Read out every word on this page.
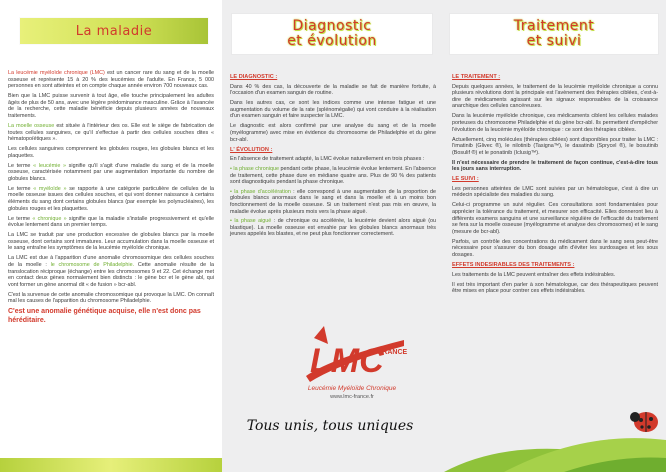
La maladie

La leucémie myéloïde chronique (LMC) est un cancer rare du sang et de la moelle osseuse et représente 15 à 20 % des leucémies de l'adulte. En France, 5 000 personnes en sont atteintes et on compte chaque année environ 700 nouveaux cas.

Bien que la LMC puisse survenir à tout âge, elle touche principalement les adultes âgés de plus de 50 ans, avec une légère prédominance masculine. Grâce à l'avancée de la recherche, cette maladie bénéficie depuis plusieurs années de nouveaux traitements.

La moelle osseuse est située à l'intérieur des os. Elle est le siège de fabrication de toutes cellules sanguines, ce qu'il s'effectue à partir des cellules souches dites « hématopoïétiques ».

Les cellules sanguines comprennent les globules rouges, les globules blancs et les plaquettes.

Le terme « leucémie » signifie qu'il s'agit d'une maladie du sang et de la moelle osseuse, caractérisée notamment par une augmentation importante du nombre de globules blancs.

Le terme « myéloïde » se rapporte à une catégorie particulière de cellules de la moelle osseuse issues des cellules souches, et qui vont donner naissance à certains éléments du sang dont certains globules blancs (par exemple les polynucléaires), les globules rouges et les plaquettes.

Le terme « chronique » signifie que la maladie s'installe progressivement et qu'elle évolue lentement dans un premier temps.

La LMC se traduit par une production excessive de globules blancs par la moelle osseuse, dont certains sont immatures. Leur accumulation dans la moelle osseuse et le sang entraîne les symptômes de la leucémie myéloïde chronique.

La LMC est due à l'apparition d'une anomalie chromosomique des cellules souches de la moelle : le chromosome de Philadelphie. Cette anomalie résulte de la translocation réciproque (échange) entre les chromosomes 9 et 22. Cet échange met en contact deux gènes normalement bien distincts : le gène bcr et le gène abl, qui vont former un gène anormal dit « de fusion » bcr-abl.

C'est la survenue de cette anomalie chromosomique qui provoque la LMC. On connaît mal les causes de l'apparition du chromosome Philadelphie.

C'est une anomalie génétique acquise, elle n'est donc pas héréditaire.

Diagnostic
et évolution

LE DIAGNOSTIC :

Dans 40 % des cas, la découverte de la maladie se fait de manière fortuite, à l'occasion d'un examen sanguin de routine.

Dans les autres cas, ce sont les indices comme une intense fatigue et une augmentation du volume de la rate (splénomégalie) qui vont conduire à la réalisation d'un examen sanguin et faire suspecter la LMC.

Le diagnostic est alors confirmé par une analyse du sang et de la moelle (myélogramme) avec mise en évidence du chromosome de Philadelphie et du gène bcr-abl.

L' ÉVOLUTION :

En l'absence de traitement adapté, la LMC évolue naturellement en trois phases :

• la phase chronique pendant cette phase, la leucémie évolue lentement. En l'absence de traitement, cette phase dure en médiane quatre ans. Plus de 90 % des patients sont diagnostiqués pendant la phase chronique.
• la phase d'accélération : elle correspond à une augmentation de la proportion de globules blancs anormaux dans le sang et dans la moelle et à un moins bon fonctionnement de la moelle osseuse. Si un traitement n'est pas mis en œuvre, la maladie évolue après plusieurs mois vers la phase aiguë.
• la phase aiguë : de chronique ou accélérée, la leucémie devient alors aiguë (ou blastique). La moelle osseuse est envahie par les globules blancs anormaux très jeunes appelés les blastes, et ne peut plus fonctionner correctement.
LMC
FRANCE
Leucémie Myéloïde Chronique
www.lmc-france.fr
Tous unis, tous uniques
Traitement
et suivi

LE TRAITEMENT :

Depuis quelques années, le traitement de la leucémie myéloïde chronique a connu plusieurs révolutions dont la principale est l'avènement des thérapies ciblées, c'est-à-dire de médicaments agissant sur les signaux responsables de la croissance anarchique des cellules cancéreuses.

Dans la leucémie myéloïde chronique, ces médicaments ciblent les cellules malades porteuses du chromosome Philadelphie et du gène bcr-abl. Ils permettent d'empêcher l'évolution de la leucémie myéloïde chronique : ce sont des thérapies ciblées.

Actuellement, cinq molécules (thérapies ciblées) sont disponibles pour traiter la LMC : l'imatinib (Glivec ®), le nilotinib (Tasigna™), le dasatinib (Sprycel ®), le bosutinib (Bosulif ®) et le ponatinib (Iclusig™).

Il n'est nécessaire de prendre le traitement de façon continue, c'est-à-dire tous les jours sans interruption.

LE SUIVI :

Les personnes atteintes de LMC sont suivies par un hématologue, c'est à dire un médecin spécialiste des maladies du sang.

Celui-ci programme un suivi régulier. Ces consultations sont fondamentales pour apprécier la tolérance du traitement, et mesurer son efficacité. Elles donneront lieu à différents examens sanguins et une surveillance régulière de l'efficacité du traitement se fera sur la moelle osseuse (myélogramme et analyse des chromosomes) et le sang (mesure de bcr-abl).

Parfois, un contrôle des concentrations du médicament dans le sang sera peut-être nécessaire pour s'assurer du bon dosage afin d'éviter les surdosages et les sous dosages.

EFFETS INDESIRABLES DES TRAITEMENTS :

Les traitements de la LMC peuvent entraîner des effets indésirables.

Il est très important d'en parler à son hématologue, car des thérapeutiques peuvent être mises en place pour contrer ces effets indésirables.
